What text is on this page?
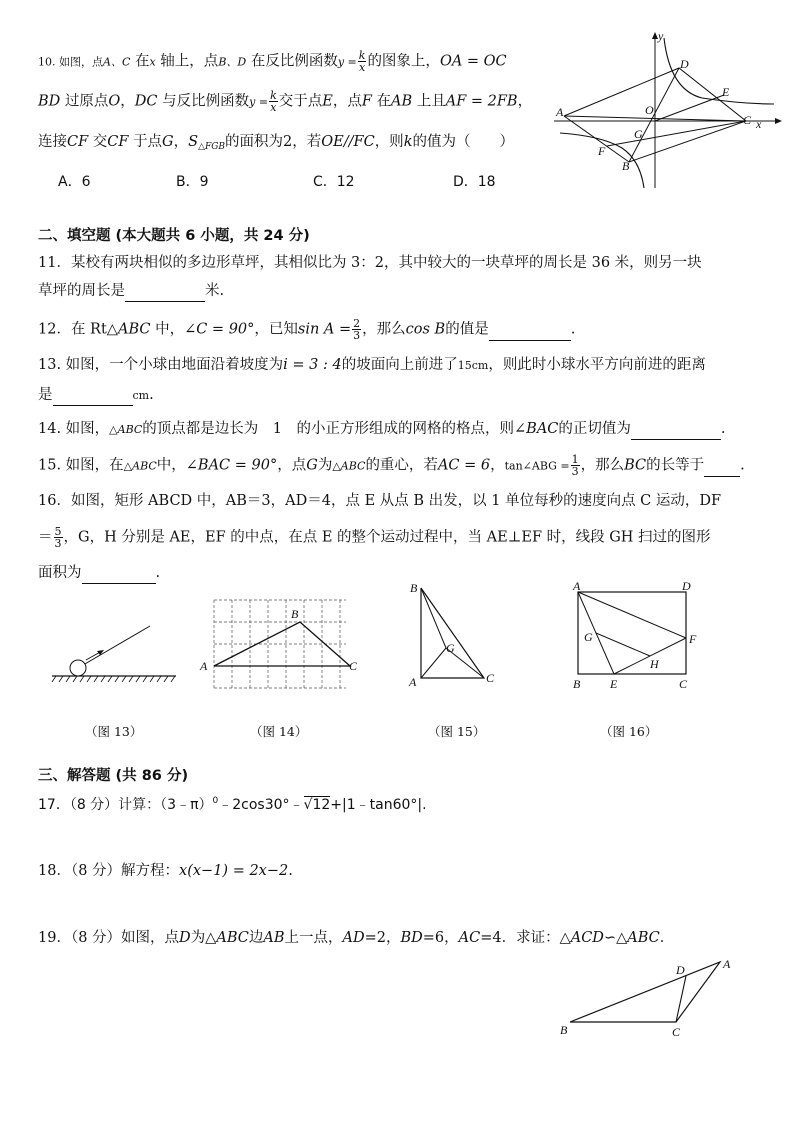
10. 如图，点A、C 在x 轴上，点B、D 在反比例函数$y = \frac{k}{x}$ 的图象上，OA = OC
BD 过原点O，DC 与反比例函数$y = \frac{k}{x}$ 交于点E，点F 在AB 上且AF = 2FB，
连接CF 交CF 于点G，$S_{\triangle FGB}$的面积为2，若OE//FC，则k的值为（　　）
A．6	B．9	C．12	D．18
y
D
E
A	O
G
C x
F
B
二、填空题 (本大题共 6 小题，共 24 分)
11．某校有两块相似的多边形草坪，其相似比为 3：2，其中较大的一块草坪的周长是 36 米，则另一块
草坪的周长是	米.
12．在 Rt△ABC 中，∠C = 90°，已知$\sin A = \frac{2}{3}$ ，那么cos B的值是	.
13. 如图，一个小球由地面沿着坡度为i = 3 : 4的坡面向上前进了15cm，则此时小球水平方向前进的距离
是	cm.
14. 如图，△ABC的顶点都是边长为　1　的小正方形组成的网格的格点，则∠BAC的正切值为	.
15. 如图，在△ABC中，∠BAC = 90°，点G为△ABC的重心，若AC = 6，tan∠ABG = $\frac{1}{3}$ ，那么BC的长等于 .
16．如图，矩形 ABCD 中，AB＝3，AD＝4，点 E 从点 B 出发，以 1 单位每秒的速度向点 C 运动，DF
＝ $\frac{5}{3}$ ，G，H 分别是 AE，EF 的中点，在点 E 的整个运动过程中，当 AE⊥EF 时，线段 GH 扫过的图形
面积为	.
（图 13）
B
A	C
（图 14）
B
G
A	C
（图 15）
A	D
G	F
H
B E	C
（图 16）
三、解答题 (共 86 分)
17．（8 分）计算：（3﹣π）$^0$﹣2cos30°﹣√12+|1﹣tan60°|.
18．（8 分）解方程：x(x−1) = 2x−2.
19．（8 分）如图，点D为△ABC边AB上一点，AD=2，BD=6，AC=4．求证：△ACD∽△ABC．
D	A
B	C
